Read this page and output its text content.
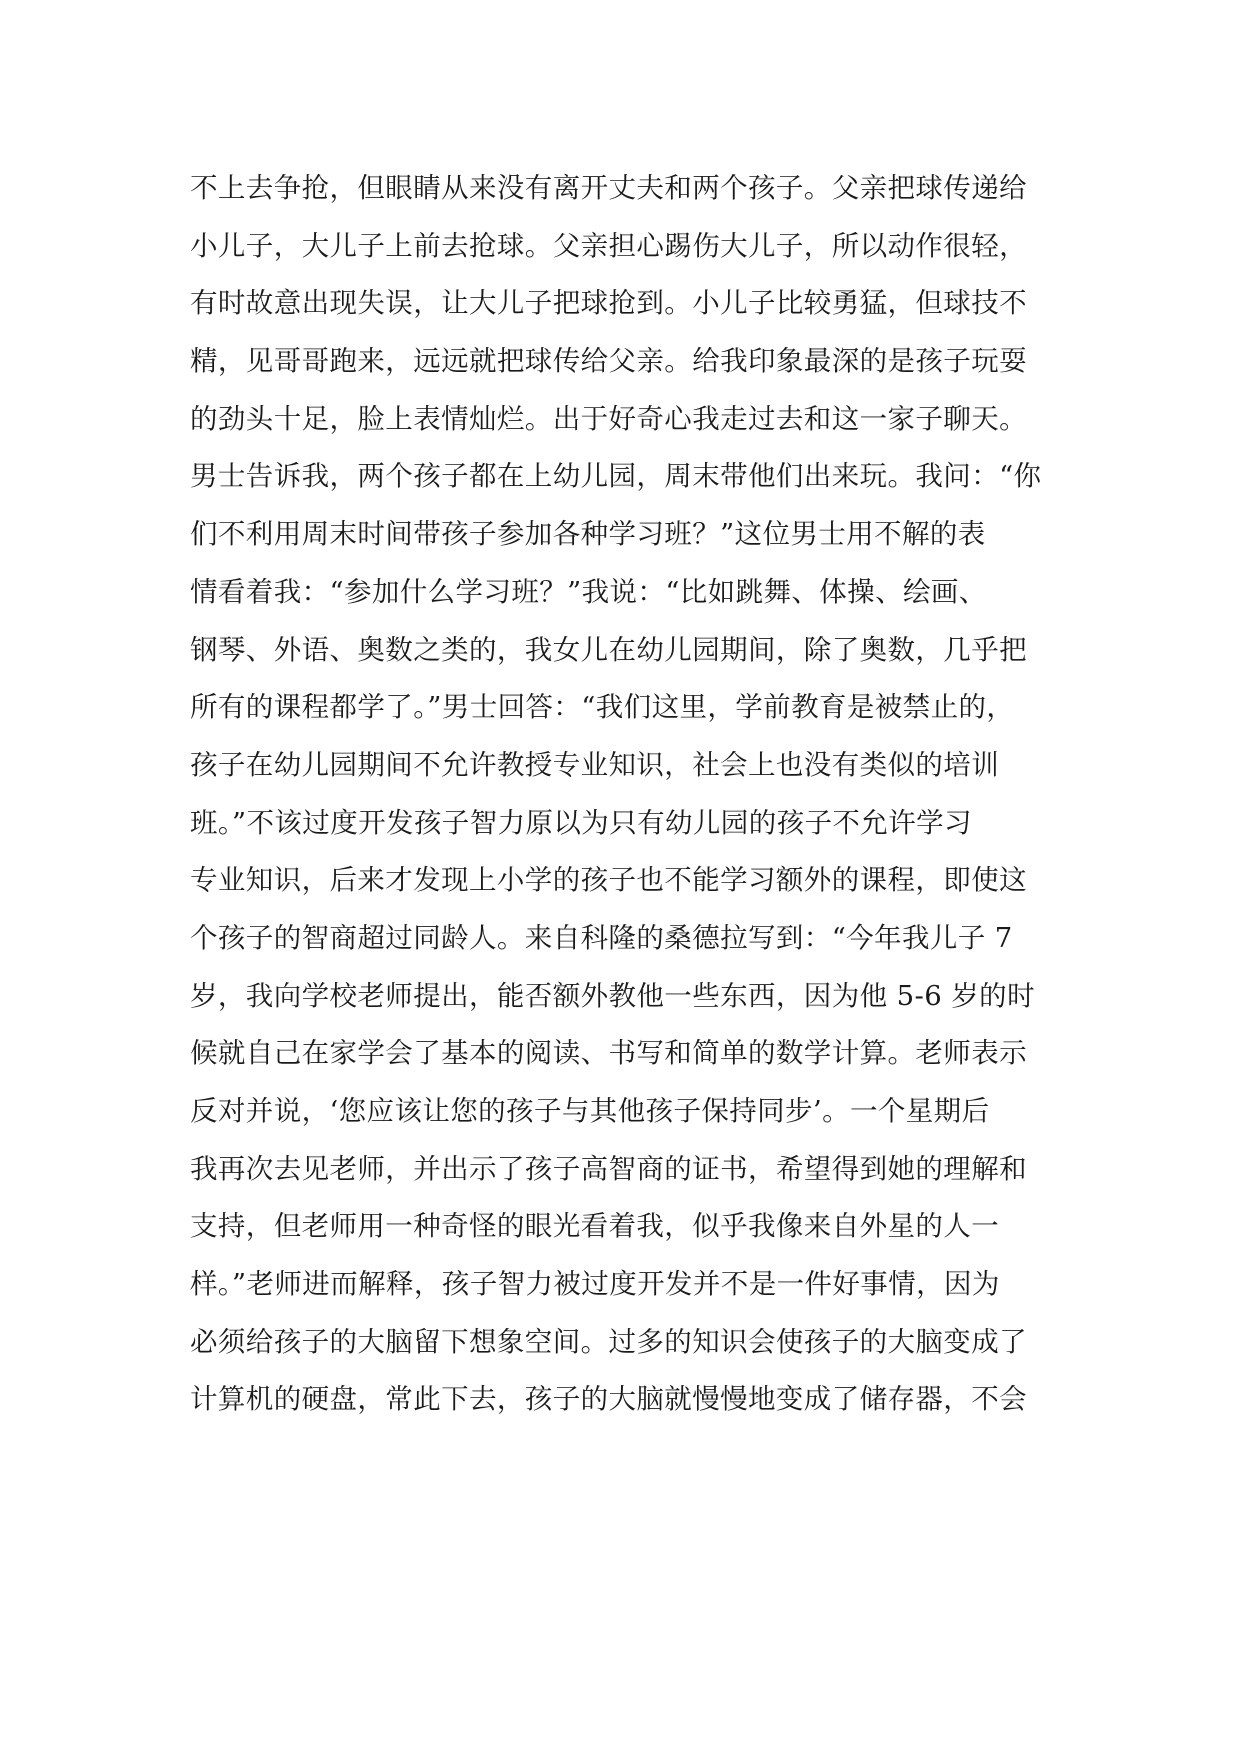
不上去争抢，但眼睛从来没有离开丈夫和两个孩子。父亲把球传递给
小儿子，大儿子上前去抢球。父亲担心踢伤大儿子，所以动作很轻，
有时故意出现失误，让大儿子把球抢到。小儿子比较勇猛，但球技不
精，见哥哥跑来，远远就把球传给父亲。给我印象最深的是孩子玩耍
的劲头十足，脸上表情灿烂。出于好奇心我走过去和这一家子聊天。
男士告诉我，两个孩子都在上幼儿园，周末带他们出来玩。我问：“你
们不利用周末时间带孩子参加各种学习班？”这位男士用不解的表
情看着我：“参加什么学习班？”我说：“比如跳舞、体操、绘画、
钢琴、外语、奥数之类的，我女儿在幼儿园期间，除了奥数，几乎把
所有的课程都学了。”男士回答：“我们这里，学前教育是被禁止的，
孩子在幼儿园期间不允许教授专业知识，社会上也没有类似的培训
班。”不该过度开发孩子智力原以为只有幼儿园的孩子不允许学习
专业知识，后来才发现上小学的孩子也不能学习额外的课程，即使这
个孩子的智商超过同龄人。来自科隆的桑德拉写到：“今年我儿子 7
岁，我向学校老师提出，能否额外教他一些东西，因为他 5-6 岁的时
候就自己在家学会了基本的阅读、书写和简单的数学计算。老师表示
反对并说，‘您应该让您的孩子与其他孩子保持同步’。一个星期后
我再次去见老师，并出示了孩子高智商的证书，希望得到她的理解和
支持，但老师用一种奇怪的眼光看着我，似乎我像来自外星的人一
样。”老师进而解释，孩子智力被过度开发并不是一件好事情，因为
必须给孩子的大脑留下想象空间。过多的知识会使孩子的大脑变成了
计算机的硬盘，常此下去，孩子的大脑就慢慢地变成了储存器，不会
